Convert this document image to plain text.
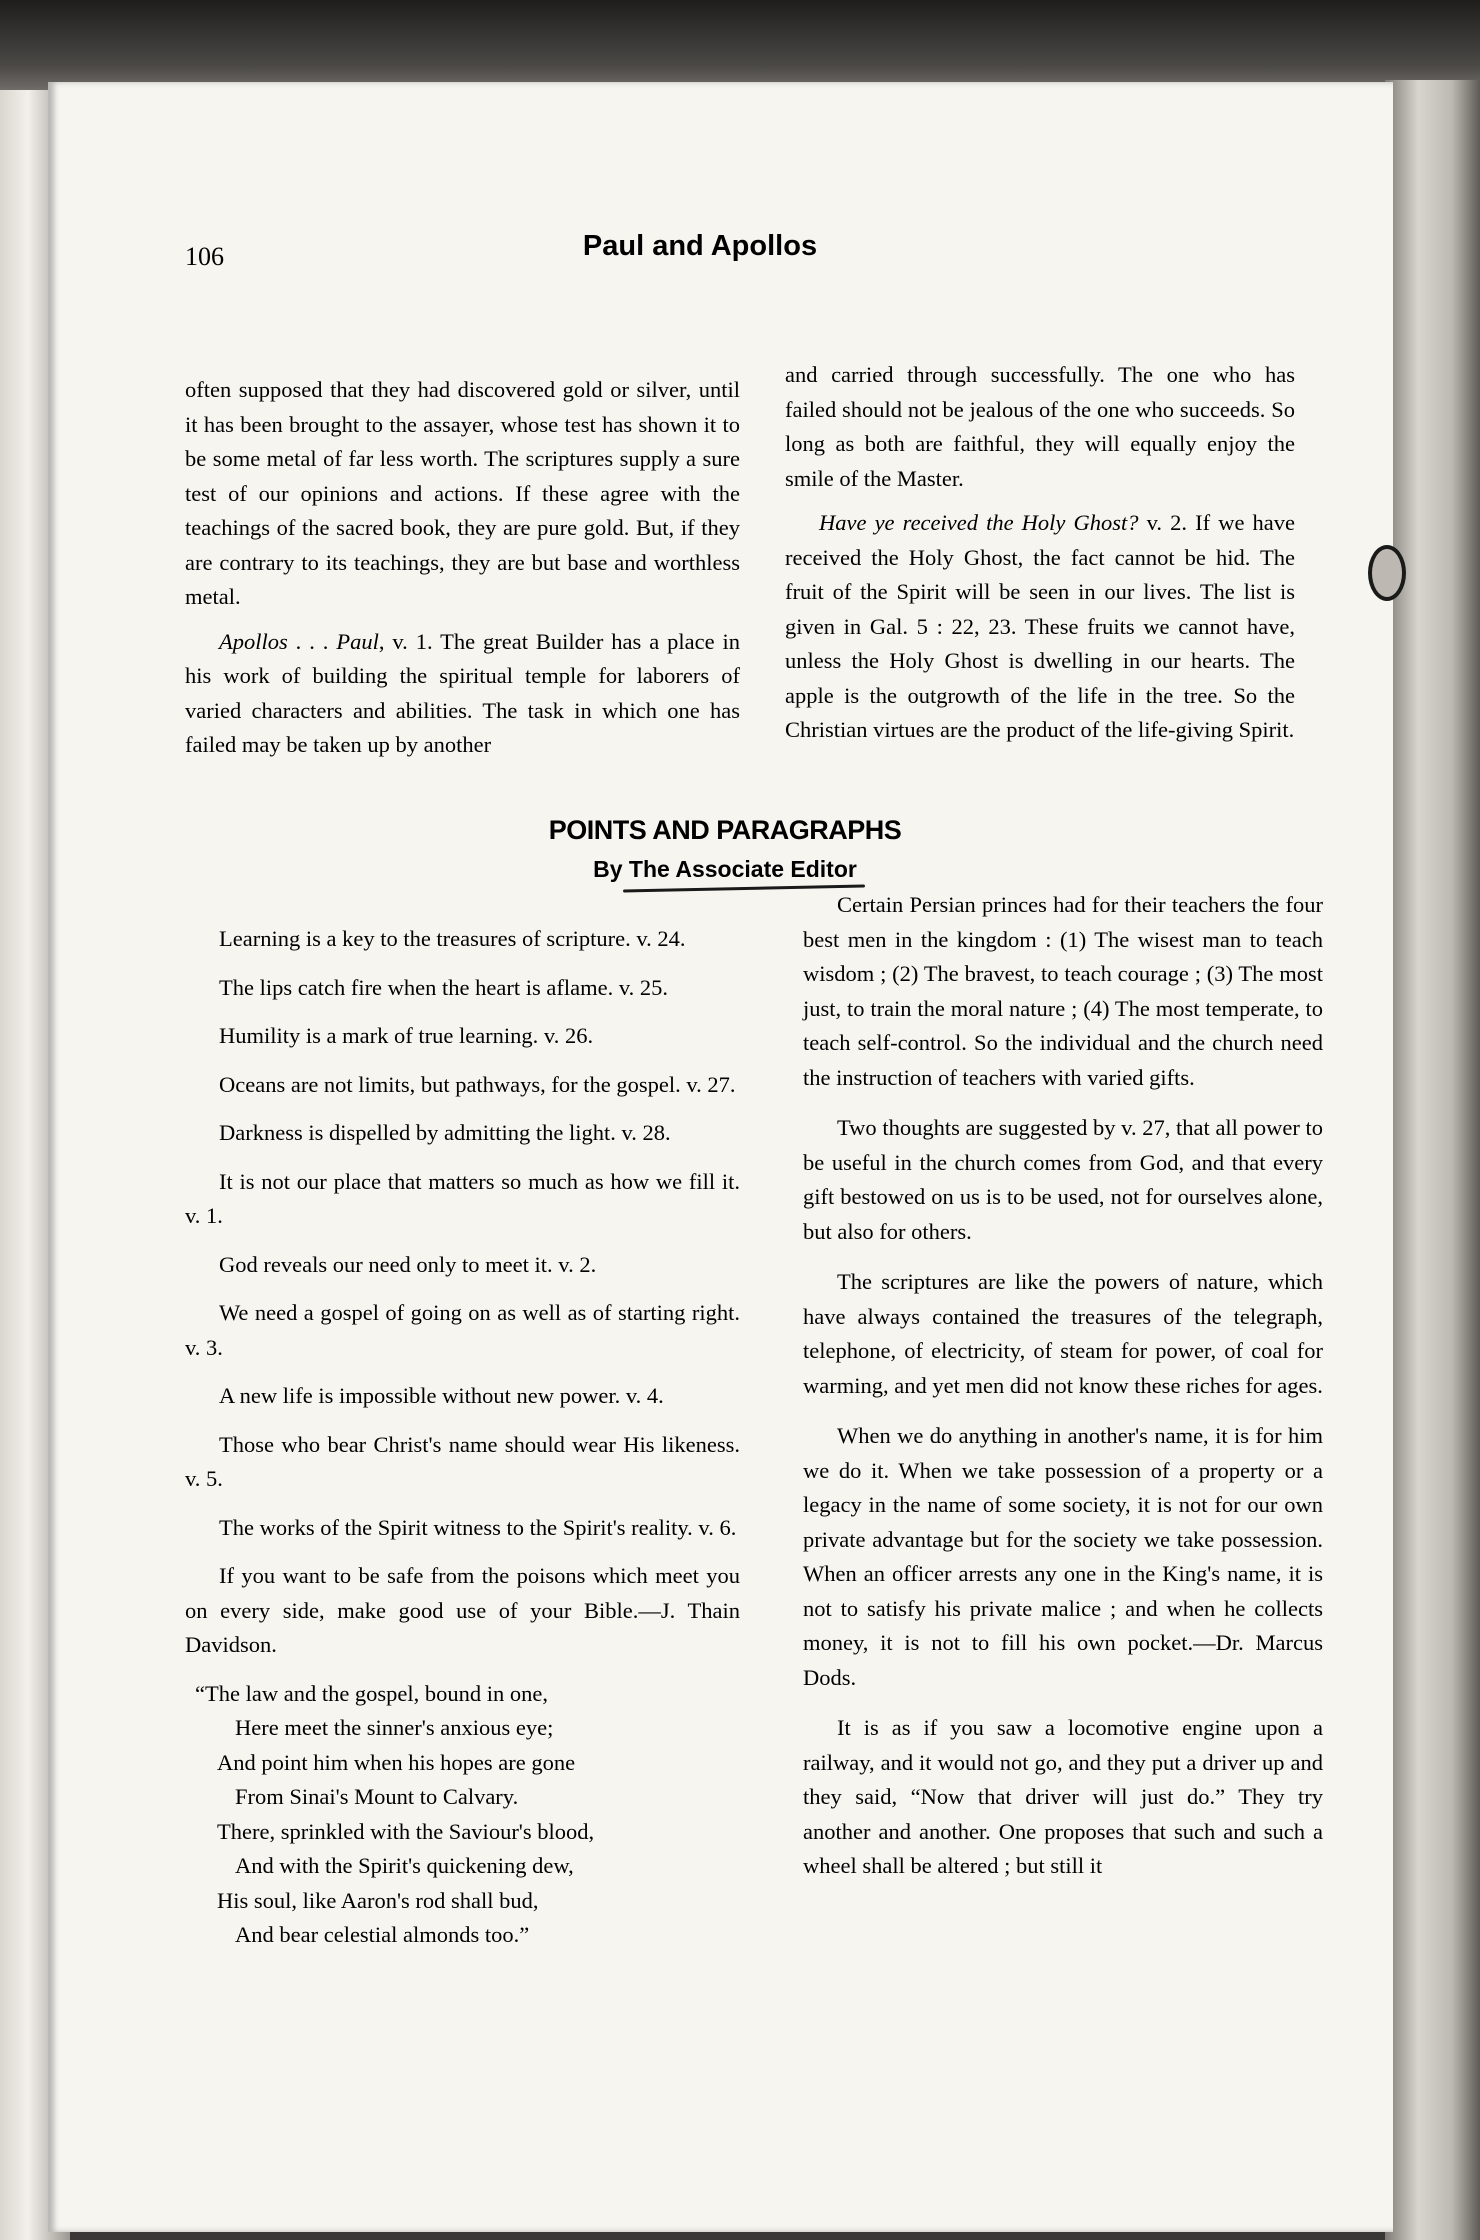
106	Paul and Apollos

often supposed that they had discovered gold or silver, until it has been brought to the assayer, whose test has shown it to be some metal of far less worth. The scriptures supply a sure test of our opinions and actions. If these agree with the teachings of the sacred book, they are pure gold. But, if they are contrary to its teachings, they are but base and worthless metal.

Apollos . . . Paul, v. 1. The great Builder has a place in his work of building the spiritual temple for laborers of varied characters and abilities. The task in which one has failed may be taken up by another

and carried through successfully. The one who has failed should not be jealous of the one who succeeds. So long as both are faithful, they will equally enjoy the smile of the Master.

Have ye received the Holy Ghost? v. 2. If we have received the Holy Ghost, the fact cannot be hid. The fruit of the Spirit will be seen in our lives. The list is given in Gal. 5 : 22, 23. These fruits we cannot have, unless the Holy Ghost is dwelling in our hearts. The apple is the outgrowth of the life in the tree. So the Christian virtues are the product of the life-giving Spirit.

POINTS AND PARAGRAPHS
By The Associate Editor

Learning is a key to the treasures of scripture. v. 24.

The lips catch fire when the heart is aflame. v. 25.

Humility is a mark of true learning. v. 26.

Oceans are not limits, but pathways, for the gospel. v. 27.

Darkness is dispelled by admitting the light. v. 28.

It is not our place that matters so much as how we fill it. v. 1.

God reveals our need only to meet it. v. 2.

We need a gospel of going on as well as of starting right. v. 3.

A new life is impossible without new power. v. 4.

Those who bear Christ's name should wear His likeness. v. 5.

The works of the Spirit witness to the Spirit's reality. v. 6.

If you want to be safe from the poisons which meet you on every side, make good use of your Bible.—J. Thain Davidson.

“The law and the gospel, bound in one,
Here meet the sinner's anxious eye;
And point him when his hopes are gone
From Sinai's Mount to Calvary.
There, sprinkled with the Saviour's blood,
And with the Spirit's quickening dew,
His soul, like Aaron's rod shall bud,
And bear celestial almonds too.”

Certain Persian princes had for their teachers the four best men in the kingdom : (1) The wisest man to teach wisdom ; (2) The bravest, to teach courage ; (3) The most just, to train the moral nature ; (4) The most temperate, to teach self-control. So the individual and the church need the instruction of teachers with varied gifts.

Two thoughts are suggested by v. 27, that all power to be useful in the church comes from God, and that every gift bestowed on us is to be used, not for ourselves alone, but also for others.

The scriptures are like the powers of nature, which have always contained the treasures of the telegraph, telephone, of electricity, of steam for power, of coal for warming, and yet men did not know these riches for ages.

When we do anything in another's name, it is for him we do it. When we take possession of a property or a legacy in the name of some society, it is not for our own private advantage but for the society we take possession. When an officer arrests any one in the King's name, it is not to satisfy his private malice ; and when he collects money, it is not to fill his own pocket.—Dr. Marcus Dods.

It is as if you saw a locomotive engine upon a railway, and it would not go, and they put a driver up and they said, “Now that driver will just do.” They try another and another. One proposes that such and such a wheel shall be altered ; but still it
